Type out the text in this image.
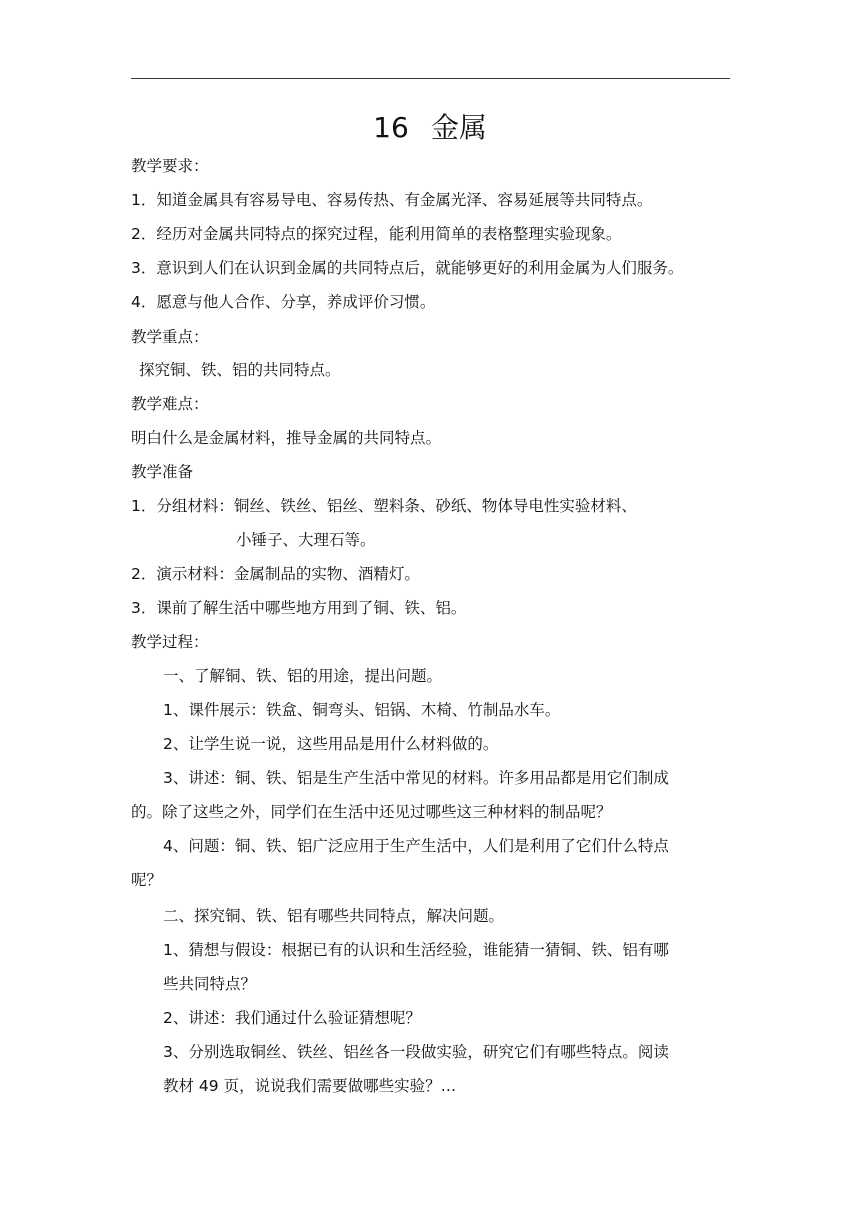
16 金属
教学要求：
1．知道金属具有容易导电、容易传热、有金属光泽、容易延展等共同特点。
2．经历对金属共同特点的探究过程，能利用简单的表格整理实验现象。
3．意识到人们在认识到金属的共同特点后，就能够更好的利用金属为人们服务。
4．愿意与他人合作、分享，养成评价习惯。
教学重点：
探究铜、铁、铝的共同特点。
教学难点：
明白什么是金属材料，推导金属的共同特点。
教学准备
1．分组材料：铜丝、铁丝、铝丝、塑料条、砂纸、物体导电性实验材料、
小锤子、大理石等。
2．演示材料：金属制品的实物、酒精灯。
3．课前了解生活中哪些地方用到了铜、铁、铝。
教学过程：
一、了解铜、铁、铝的用途，提出问题。
1、课件展示：铁盒、铜弯头、铝锅、木椅、竹制品水车。
2、让学生说一说，这些用品是用什么材料做的。
3、讲述：铜、铁、铝是生产生活中常见的材料。许多用品都是用它们制成
的。除了这些之外，同学们在生活中还见过哪些这三种材料的制品呢？
4、问题：铜、铁、铝广泛应用于生产生活中，人们是利用了它们什么特点
呢？
二、探究铜、铁、铝有哪些共同特点，解决问题。
1、猜想与假设：根据已有的认识和生活经验，谁能猜一猜铜、铁、铝有哪
些共同特点？
2、讲述：我们通过什么验证猜想呢？
3、分别选取铜丝、铁丝、铝丝各一段做实验，研究它们有哪些特点。阅读
教材 49 页，说说我们需要做哪些实验？…
